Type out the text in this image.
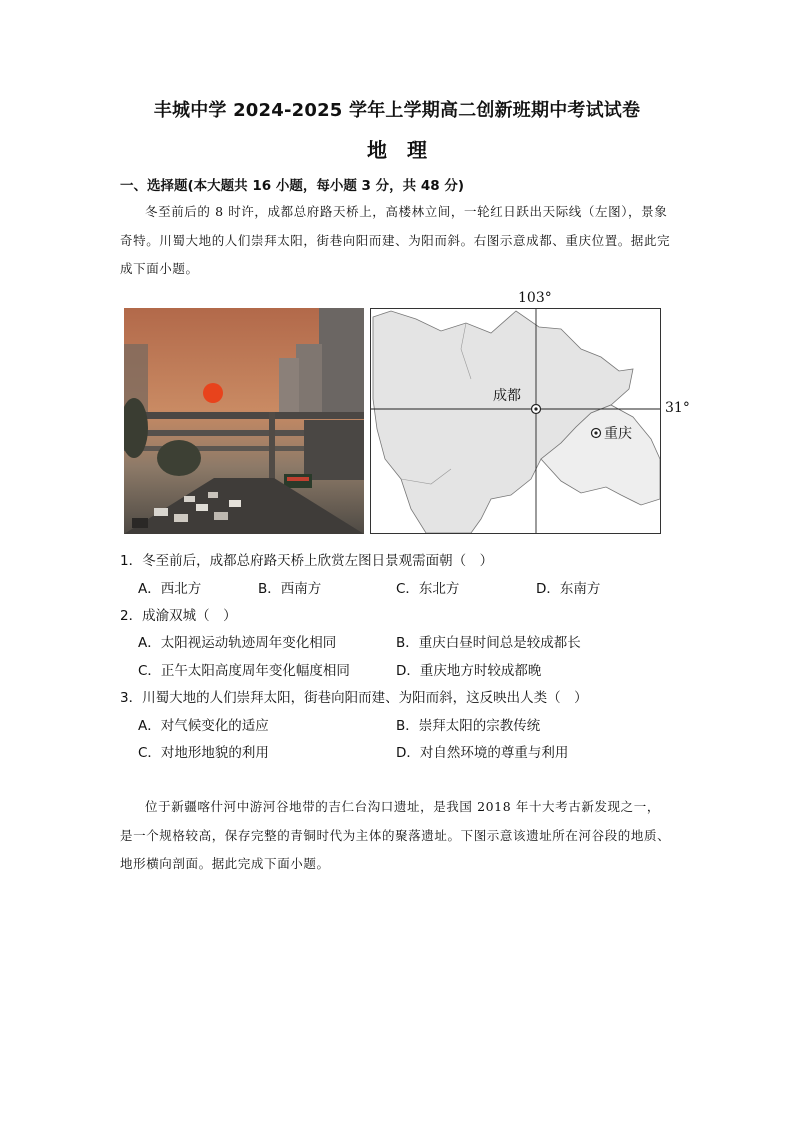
丰城中学 2024-2025 学年上学期高二创新班期中考试试卷
地　理
一、选择题(本大题共 16 小题，每小题 3 分，共 48 分)
冬至前后的 8 时许，成都总府路天桥上，高楼林立间，一轮红日跃出天际线（左图），景象奇特。川蜀大地的人们崇拜太阳，街巷向阳而建、为阳而斜。右图示意成都、重庆位置。据此完成下面小题。
成都
重庆
103°
31°
1．冬至前后，成都总府路天桥上欣赏左图日景观需面朝（　）
A．西北方	B．西南方	C．东北方	D．东南方
2．成渝双城（　）
A．太阳视运动轨迹周年变化相同	B．重庆白昼时间总是较成都长
C．正午太阳高度周年变化幅度相同	D．重庆地方时较成都晚
3．川蜀大地的人们崇拜太阳，街巷向阳而建、为阳而斜，这反映出人类（　）
A．对气候变化的适应	B．崇拜太阳的宗教传统
C．对地形地貌的利用	D．对自然环境的尊重与利用
位于新疆喀什河中游河谷地带的吉仁台沟口遗址，是我国 2018 年十大考古新发现之一，是一个规格较高，保存完整的青铜时代为主体的聚落遗址。下图示意该遗址所在河谷段的地质、地形横向剖面。据此完成下面小题。
